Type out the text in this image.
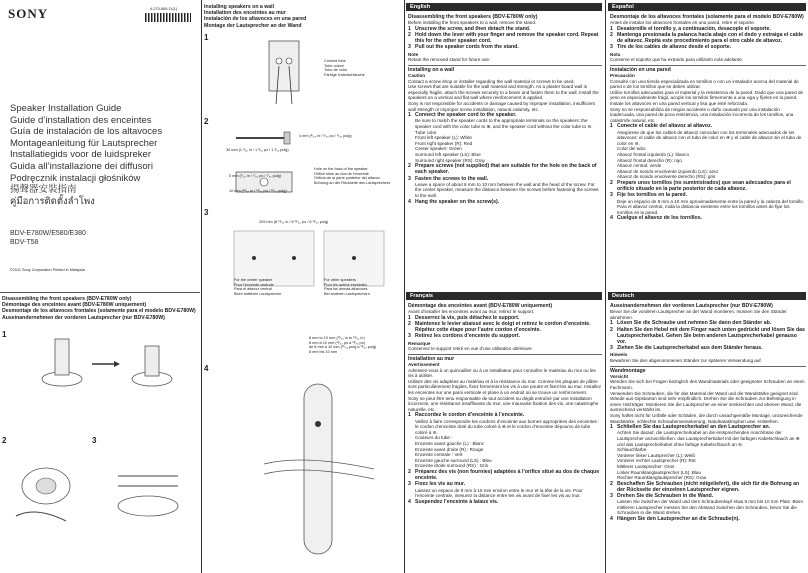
SONY	4-270-669-11(1)
Speaker Installation Guide
Guide d’installation des enceintes
Guía de instalación de los altavoces
Montageanleitung für Lautsprecher
Installatiegids voor de luidspreker
Guida all’installazione dei diffusori
Podręcznik instalacji głośników
揚聲器安裝指南
คู่มือการติดตั้งลำโพง
BDV-E780W/E580/E380
BDV-T58
©2011 Sony Corporation Printed in Malaysia
Disassembling the front speakers (BDV-E780W only)
Démontage des enceintes avant (BDV-E780W uniquement)
Desmontaje de los altavoces frontales (solamente para el modelo BDV-E780W)
Auseinandernehmen der vorderen Lautsprecher (nur BDV-E780W)
1
2	3
Installing speakers on a wall
Installation des enceintes au mur
Instalación de los altavoces en una pared
Montage der Lautsprecher an der Wand
1
Colored tube
Tube coloré
Tubo de color
Farbige Kabelschläuche
2
4 mm (⁵⁄₃₂ in / ⁵⁄₃₂ po / ⁵⁄₃₂ pulg)
30 mm (1 ³⁄₁₆ in / 1 ³⁄₁₆ po / 1 ³⁄₁₆ pulg)
5 mm (⁷⁄₃₂ in / ⁷⁄₃₂ po / ⁷⁄₃₂ pulg)
10 mm (¹³⁄₃₂ in / ¹³⁄₃₂ po / ¹³⁄₃₂ pulg)
Hole on the back of the speaker
Orifice situé au dos de l’enceinte
Orificio de la parte posterior del altavoz
Bohrung an der Rückseite des Lautsprechers
3
209 mm (8 ¹¹⁄₃₂ in / 8 ¹¹⁄₃₂ po / 8 ¹¹⁄₃₂ pulg)
For the center speaker
Pour l’enceinte centrale
Para el altavoz central
Beim mittleren Lautsprecher
For other speakers
Pour les autres enceintes
Para los demás altavoces
Bei anderen Lautsprechern
8 mm to 10 mm (¹¹⁄₃₂ in to ¹³⁄₃₂ in)
8 mm à 10 mm (¹¹⁄₃₂ po à ¹³⁄₃₂ po)
de 8 mm a 10 mm (¹¹⁄₃₂ pulg a ¹³⁄₃₂ pulg)
8 mm bis 10 mm
4
English
Disassembling the front speakers (BDV-E780W only)
Before installing the front speakers to a wall, remove the stand.
1 Unscrew the screw, and then detach the stand.
2 Hold down the lever with your finger and remove the speaker cord. Repeat this for the other speaker cord.
3 Pull out the speaker cords from the stand.
Note
Retain the removed stand for future use.
Installing on a wall
Caution
Contact a screw shop or installer regarding the wall material or screws to be used.
Use screws that are suitable for the wall material and strength. As a plaster board wall is especially fragile, attach the screws securely to a beam and fasten them to the wall. Install the speakers on a vertical and flat wall where reinforcement is applied.
Sony is not responsible for accidents or damage caused by improper installation, insufficient wall strength or improper screw installation, natural calamity, etc.
1 Connect the speaker cord to the speaker.
Be sure to match the speaker cords to the appropriate terminals on the speakers: the speaker cord with the color tube to ⊕, and the speaker cord without the color tube to ⊖.
Tube color
Front left speaker (L): White
Front right speaker (R): Red
Center speaker: Green
Surround left speaker (LS): Blue
Surround right speaker (RS): Gray
2 Prepare screws (not supplied) that are suitable for the hole on the back of each speaker.
3 Fasten the screws to the wall.
Leave a space of about 8 mm to 10 mm between the wall and the head of the screw. For the center speaker, measure the distance between the screws before fastening the screws to the wall.
4 Hang the speaker on the screw(s).
Español
Desmontaje de los altavoces frontales (solamente para el modelo BDV-E780W)
Antes de instalar los altavoces frontales en una pared, retire el soporte.
1 Desatornille el tornillo y, a continuación, desacople el soporte.
2 Mantenga presionada la palanca hacia abajo con el dedo y extraiga el cable de altavoz. Repita este procedimiento para el otro cable de altavoz.
3 Tire de los cables de altavoz desde el soporte.
Nota
Conserve el soporte que ha extraído para utilizarlo más adelante.
Instalación en una pared
Precaución
Consulte con una tienda especializada en tornillos o con un instalador acerca del material de pared o de los tornillos que se deben utilizar.
Utilice tornillos adecuados para el material y la resistencia de la pared. Dado que una pared de yeso es especialmente frágil, acople los tornillos firmemente a una viga y fíjelos en la pared. Instale los altavoces en una pared vertical y lisa que esté reforzada.
Sony no se responsabiliza de ningún accidente o daño causado por una instalación inadecuada, una pared de poca resistencia, una instalación incorrecta de los tornillos, una catástrofe natural, etc.
1 Conecte el cable del altavoz al altavoz.
Asegúrese de que los cables de altavoz coincidan con los terminales adecuados de los altavoces: el cable de altavoz con el tubo de color en ⊕ y el cable de altavoz sin el tubo de color en ⊖.
Color del tubo
Altavoz frontal izquierdo (L): blanco
Altavoz frontal derecho (R): rojo
Altavoz central: verde
Altavoz de sonido envolvente izquierdo (LS): azul
Altavoz de sonido envolvente derecho (RS): gris
2 Prepare unos tornillos (no suministrados) que sean adecuados para el orificio situado en la parte posterior de cada altavoz.
3 Fije los tornillos en la pared.
Deje un espacio de 8 mm a 10 mm aproximadamente entre la pared y la cabeza del tornillo. Para el altavoz central, mida la distancia existente entre los tornillos antes de fijar los tornillos en la pared.
4 Cuelgue el altavoz de los tornillos.
Français
Démontage des enceintes avant (BDV-E780W uniquement)
Avant d’installer les enceintes avant au mur, retirez le support.
1 Desserrez la vis, puis détachez le support.
2 Maintenez le levier abaissé avec le doigt et retirez le cordon d’enceinte. Répétez cette étape pour l’autre cordon d’enceinte.
3 Retirez les cordons d’enceinte du support.
Remarque
Conservez le support retiré en vue d’une utilisation ultérieure.
Installation au mur
Avertissement
Adressez-vous à un quincaillier ou à un installateur pour connaître le matériau du mur ou les vis à utiliser.
Utilisez des vis adaptées au matériau et à la résistance du mur. Comme les plaques de plâtre sont particulièrement fragiles, fixez fermement les vis à une poutre et fixez-les au mur. Installez les enceintes sur une paroi verticale et plane à un endroit où se trouve un renforcement.
Sony ne peut être tenu responsable de tout accident ou dégât entraîné par une installation incorrecte, une résistance insuffisante du mur, une mauvaise fixation des vis, une catastrophe naturelle, etc.
1 Raccordez le cordon d’enceinte à l’enceinte.
Veillez à faire correspondre les cordons d’enceinte aux bornes appropriées des enceintes : le cordon d’enceinte doté du tube coloré à ⊕ et le cordon d’enceinte dépourvu de tube coloré à ⊖.
Couleurs du tube :
Enceinte avant gauche (L) : Blanc
Enceinte avant droite (R) : Rouge
Enceinte centrale : Vert
Enceinte gauche surround (LS) : Bleu
Enceinte droite surround (RS) : Gris
2 Préparez des vis (non fournies) adaptées à l’orifice situé au dos de chaque enceinte.
3 Fixez les vis au mur.
Laissez un espace de 8 mm à 10 mm environ entre le mur et la tête de la vis. Pour l’enceinte centrale, mesurez la distance entre les vis avant de fixer les vis au mur.
4 Suspendez l’enceinte à la/aux vis.
Deutsch
Auseinandernehmen der vorderen Lautsprecher (nur BDV-E780W)
Bevor Sie die vorderen Lautsprecher an der Wand montieren, müssen Sie den Ständer abnehmen.
1 Lösen Sie die Schraube und nehmen Sie dann den Ständer ab.
2 Halten Sie den Hebel mit dem Finger nach unten gedrückt und lösen Sie das Lautsprecherkabel. Gehen Sie beim anderen Lautsprecherkabel genauso vor.
3 Ziehen Sie die Lautsprecherkabel aus dem Ständer heraus.
Hinweis
Bewahren Sie den abgenommenen Ständer zur späteren Verwendung auf.
Wandmontage
Vorsicht
Wenden Sie sich bei Fragen bezüglich des Wandmaterials oder geeigneter Schrauben an einen Fachmann.
Verwenden Sie Schrauben, die für das Material der Wand und die Wandstärke geeignet sind. Wände aus Gipskarton sind sehr empfindlich. Drehen Sie die Schrauben zur Befestigung in einen Holzträger. Montieren Sie die Lautsprecher an einer senkrechten und ebenen Wand, die ausreichend verstärkt ist.
Sony haftet nicht für Unfälle oder Schäden, die durch unsachgemäße Montage, unzureichende Wandstärke, schlechte Schraubenverankerung, Naturkatastrophen usw. entstehen.
1 Schließen Sie das Lautsprecherkabel an den Lautsprecher an.
Achten Sie darauf, die Lautsprecherkabel an die entsprechenden Anschlüsse der Lautsprecher anzuschließen: das Lautsprecherkabel mit der farbigen Kabelschlauch an ⊕ und das Lautsprecherkabel ohne farbige Kabelschlauch an ⊖.
Schlauchfarbe
Vorderer linker Lautsprecher (L): Weiß
Vorderer rechter Lautsprecher (R): Rot
Mittlerer Lautsprecher: Grün
Linker Raumklanglautsprecher (LS): Blau
Rechter Raumklanglautsprecher (RS): Grau
2 Beschaffen Sie Schrauben (nicht mitgeliefert), die sich für die Bohrung an der Rückseite der einzelnen Lautsprecher eignen.
3 Drehen Sie die Schrauben in die Wand.
Lassen Sie zwischen der Wand und dem Schraubenkopf etwa 8 mm bis 10 mm Platz. Beim mittleren Lautsprecher messen Sie den Abstand zwischen den Schrauben, bevor Sie die Schrauben in die Wand drehen.
4 Hängen Sie den Lautsprecher an die Schraube(n).
